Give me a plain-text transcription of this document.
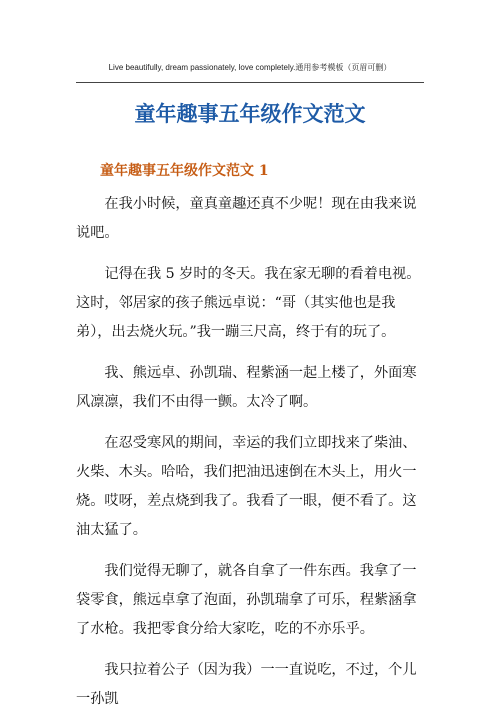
Live beautifully, dream passionately, love completely.通用参考模板（页眉可删）
童年趣事五年级作文范文
童年趣事五年级作文范文 1

在我小时候，童真童趣还真不少呢！现在由我来说说吧。

记得在我 5 岁时的冬天。我在家无聊的看着电视。这时，邻居家的孩子熊远卓说：“哥（其实他也是我弟），出去烧火玩。”我一蹦三尺高，终于有的玩了。

我、熊远卓、孙凯瑞、程紫涵一起上楼了，外面寒风凛凛，我们不由得一颤。太冷了啊。

在忍受寒风的期间，幸运的我们立即找来了柴油、火柴、木头。哈哈，我们把油迅速倒在木头上，用火一烧。哎呀，差点烧到我了。我看了一眼，便不看了。这油太猛了。

我们觉得无聊了，就各自拿了一件东西。我拿了一袋零食，熊远卓拿了泡面，孙凯瑞拿了可乐，程紫涵拿了水枪。我把零食分给大家吃，吃的不亦乐乎。

我只拉着公子（因为我）一一直说吃，不过，个儿一孙凯
